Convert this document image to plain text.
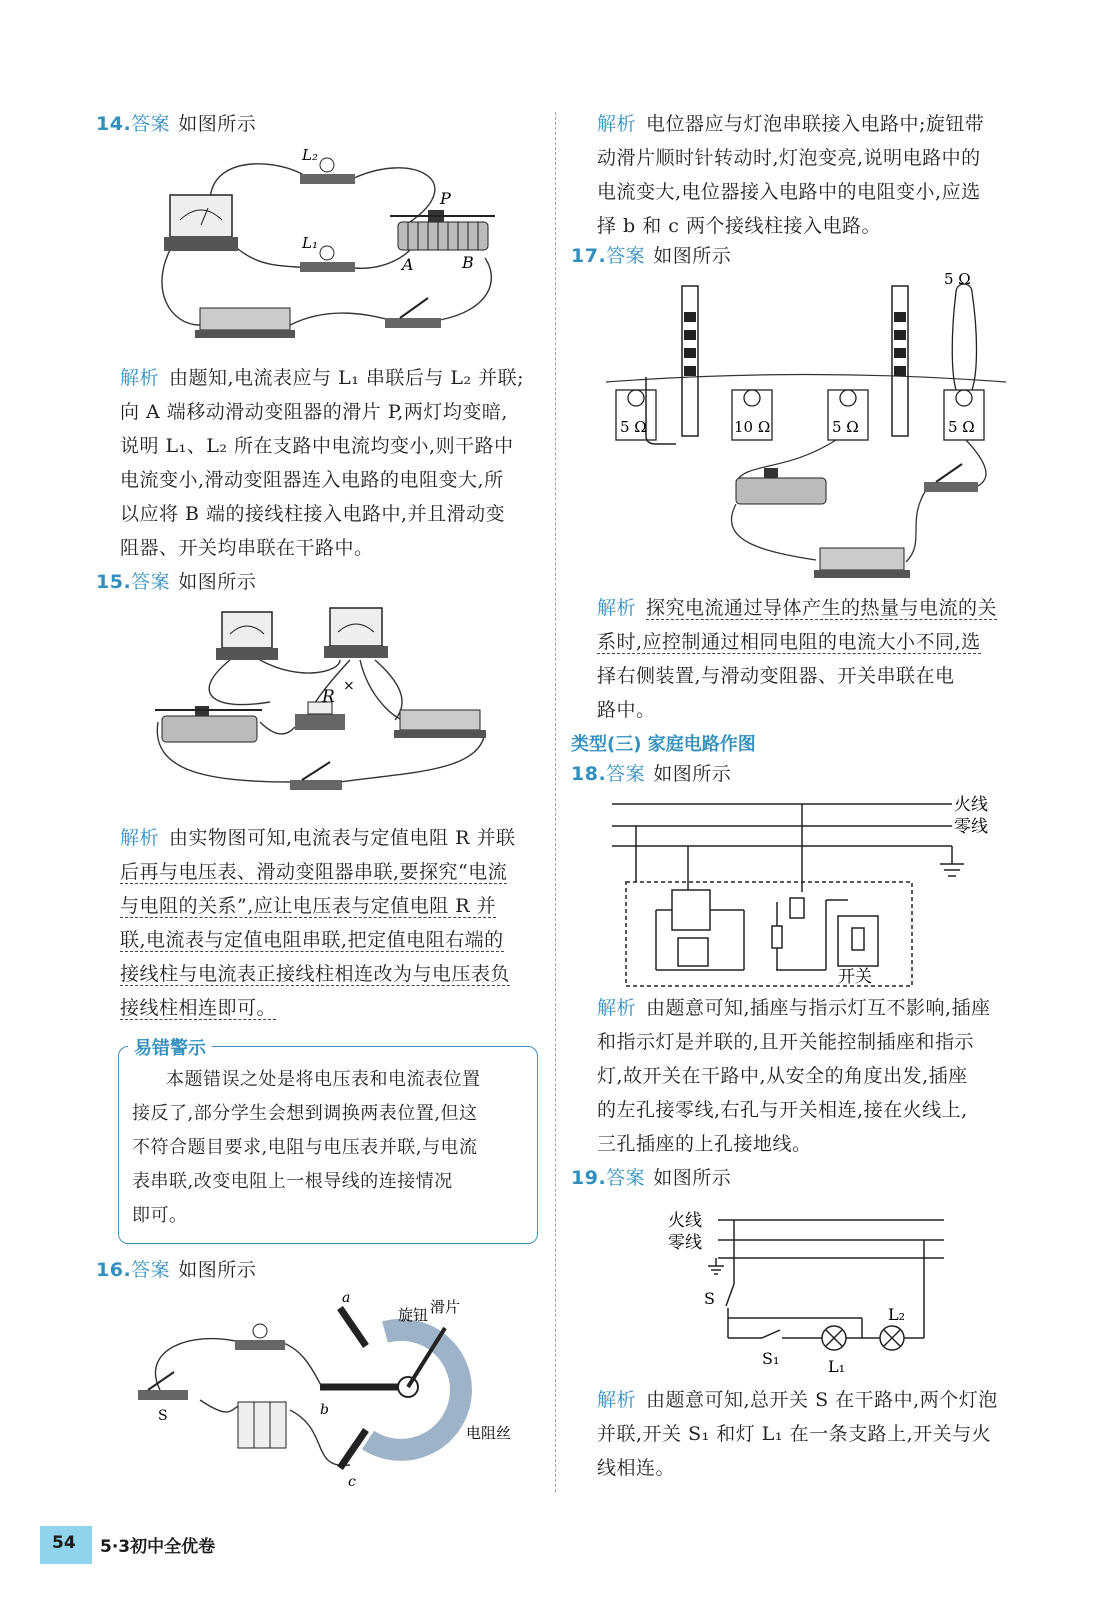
14.答案 如图所示
L₂
L₁
P
A	B
解析 由题知,电流表应与 L₁ 串联后与 L₂ 并联;
向 A 端移动滑动变阻器的滑片 P,两灯均变暗,
说明 L₁、L₂ 所在支路中电流均变小,则干路中
电流变小,滑动变阻器连入电路的电阻变大,所
以应将 B 端的接线柱接入电路中,并且滑动变
阻器、开关均串联在干路中。
15.答案 如图所示
×
R
解析 由实物图可知,电流表与定值电阻 R 并联
后再与电压表、滑动变阻器串联,要探究“电流
与电阻的关系”,应让电压表与定值电阻 R 并
联,电流表与定值电阻串联,把定值电阻右端的
接线柱与电流表正接线柱相连改为与电压表负
接线柱相连即可。
易错警示
本题错误之处是将电压表和电流表位置
接反了,部分学生会想到调换两表位置,但这
不符合题目要求,电阻与电压表并联,与电流
表串联,改变电阻上一根导线的连接情况
即可。
16.答案 如图所示
a
b
c
S
旋钮 滑片
电阻丝
解析 电位器应与灯泡串联接入电路中;旋钮带
动滑片顺时针转动时,灯泡变亮,说明电路中的
电流变大,电位器接入电路中的电阻变小,应选
择 b 和 c 两个接线柱接入电路。
17.答案 如图所示
5 Ω	10 Ω	5 Ω	5 Ω
5 Ω
解析 探究电流通过导体产生的热量与电流的关
系时,应控制通过相同电阻的电流大小不同,选
择右侧装置,与滑动变阻器、开关串联在电
路中。
类型(三) 家庭电路作图
18.答案 如图所示
火线
零线
开关
解析 由题意可知,插座与指示灯互不影响,插座
和指示灯是并联的,且开关能控制插座和指示
灯,故开关在干路中,从安全的角度出发,插座
的左孔接零线,右孔与开关相连,接在火线上,
三孔插座的上孔接地线。
19.答案 如图所示
火线
零线
S
S₁	L₁
L₂
解析 由题意可知,总开关 S 在干路中,两个灯泡
并联,开关 S₁ 和灯 L₁ 在一条支路上,开关与火
线相连。
54 5·3初中全优卷
